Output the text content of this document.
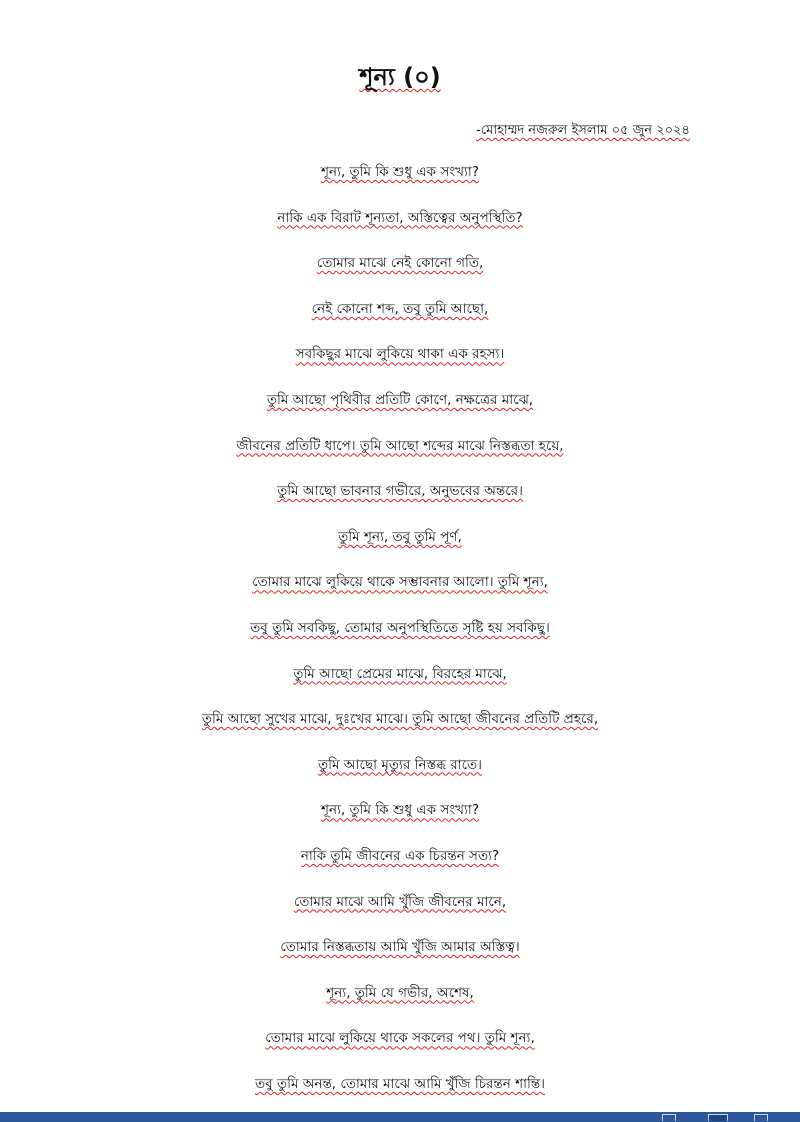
শূন্য (০)
-মোহাম্মদ নজরুল ইসলাম ০৫ জুন ২০২৪
শূন্য, তুমি কি শুধু এক সংখ্যা?
নাকি এক বিরাট শূন্যতা, অস্তিত্বের অনুপস্থিতি?
তোমার মাঝে নেই কোনো গতি,
নেই কোনো শব্দ, তবু তুমি আছো,
সবকিছুর মাঝে লুকিয়ে থাকা এক রহস্য।
তুমি আছো পৃথিবীর প্রতিটি কোণে, নক্ষত্রের মাঝে,
জীবনের প্রতিটি ধাপে। তুমি আছো শব্দের মাঝে নিস্তব্ধতা হয়ে,
তুমি আছো ভাবনার গভীরে, অনুভবের অন্তরে।
তুমি শূন্য, তবু তুমি পূর্ণ,
তোমার মাঝে লুকিয়ে থাকে সম্ভাবনার আলো। তুমি শূন্য,
তবু তুমি সবকিছু, তোমার অনুপস্থিতিতে সৃষ্টি হয় সবকিছু।
তুমি আছো প্রেমের মাঝে, বিরহের মাঝে,
তুমি আছো সুখের মাঝে, দুঃখের মাঝে। তুমি আছো জীবনের প্রতিটি প্রহরে,
তুমি আছো মৃত্যুর নিস্তব্ধ রাতে।
শূন্য, তুমি কি শুধু এক সংখ্যা?
নাকি তুমি জীবনের এক চিরন্তন সত্য?
তোমার মাঝে আমি খুঁজি জীবনের মানে,
তোমার নিস্তব্ধতায় আমি খুঁজি আমার অস্তিত্ব।
শূন্য, তুমি যে গভীর, অশেষ,
তোমার মাঝে লুকিয়ে থাকে সকলের পথ। তুমি শূন্য,
তবু তুমি অনন্ত, তোমার মাঝে আমি খুঁজি চিরন্তন শান্তি।
